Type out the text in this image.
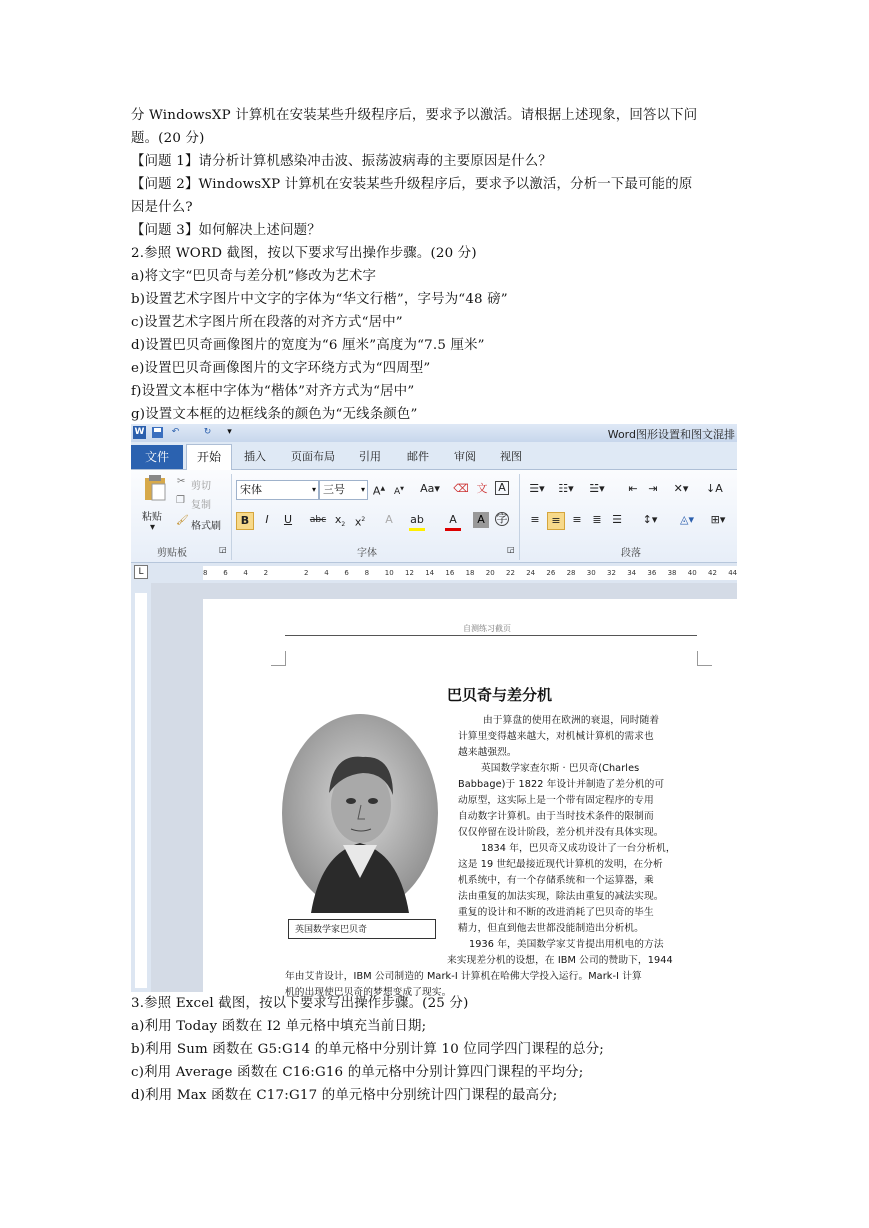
分 WindowsXP 计算机在安装某些升级程序后，要求予以激活。请根据上述现象，回答以下问
题。(20 分)
【问题 1】请分析计算机感染冲击波、振荡波病毒的主要原因是什么？
【问题 2】WindowsXP 计算机在安装某些升级程序后，要求予以激活，分析一下最可能的原
因是什么?
【问题 3】如何解决上述问题？
2.参照 WORD 截图，按以下要求写出操作步骤。(20 分)
a)将文字“巴贝奇与差分机”修改为艺术字
b)设置艺术字图片中文字的字体为“华文行楷”，字号为“48 磅”
c)设置艺术字图片所在段落的对齐方式“居中”
d)设置巴贝奇画像图片的宽度为“6 厘米”高度为“7.5 厘米”
e)设置巴贝奇画像图片的文字环绕方式为“四周型”
f)设置文本框中字体为“楷体”对齐方式为“居中”
g)设置文本框的边框线条的颜色为“无线条颜色”
W	↶	↻	▾	Word图形设置和图文混排
插入 页面布局 引用 邮件 审阅 视图
文件	开始
粘贴
▾
✂ 剪切
❐ 复制
🖌
格式刷
剪贴板	◲
宋体	▾ 三号 ▾ A▲ A▼ Aa▾ ⌫ 文 A
B	I	U	abc $x_2$ $x^2$	A	ab	A	A	字
字体	◲
☰▾ ☷▾ ☱▾	⇤ ⇥	✕▾ ↓A
≡	≡	≡ ≣ ☰	↕▾	◬▾	⊞▾
段落
L	8 6 4 2	2 4 6 8 10 12 14 16 18 20 22 24 26 28 30 32 34 36 38 40 42 44
自测练习截页
巴贝奇与差分机
英国数学家巴贝奇
由于算盘的使用在欧洲的衰退，同时随着
计算里变得越来越大，对机械计算机的需求也
越来越强烈。
英国数学家查尔斯 · 巴贝奇(Charles
Babbage)于 1822 年设计并制造了差分机的可
动原型，这实际上是一个带有固定程序的专用
自动数字计算机。由于当时技术条件的限制而
仅仅停留在设计阶段，差分机并没有具体实现。
1834 年，巴贝奇又成功设计了一台分析机，
这是 19 世纪最接近现代计算机的发明，在分析
机系统中，有一个存储系统和一个运算器，乘
法由重复的加法实现，除法由重复的减法实现。
重复的设计和不断的改进消耗了巴贝奇的毕生
精力，但直到他去世都没能制造出分析机。
1936 年，美国数学家艾肯提出用机电的方法
来实现差分机的设想，在 IBM 公司的赞助下，1944
年由艾肯设计，IBM 公司制造的 Mark-I 计算机在哈佛大学投入运行。Mark-I 计算
机的出现使巴贝奇的梦想变成了现实。
3.参照 Excel 截图，按以下要求写出操作步骤。(25 分)
a)利用 Today 函数在 I2 单元格中填充当前日期;
b)利用 Sum 函数在 G5:G14 的单元格中分别计算 10 位同学四门课程的总分;
c)利用 Average 函数在 C16:G16 的单元格中分别计算四门课程的平均分;
d)利用 Max 函数在 C17:G17 的单元格中分别统计四门课程的最高分;
